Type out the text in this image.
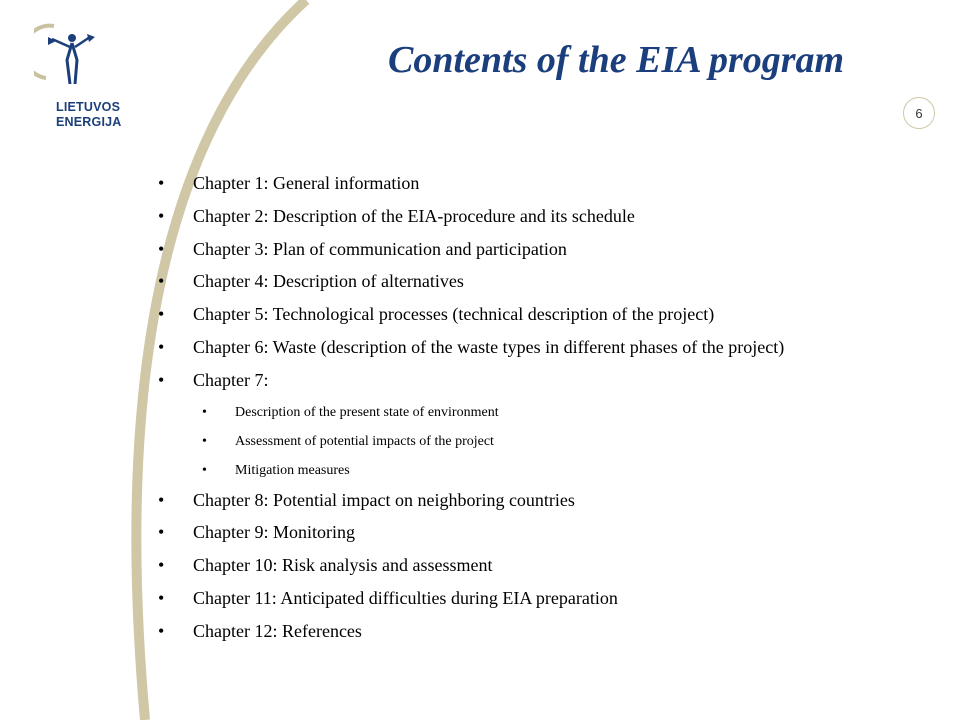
LIETUVOS
ENERGIJA
Contents of the EIA program
6
• Chapter 1: General information
• Chapter 2: Description of the EIA-procedure and its schedule
• Chapter 3: Plan of communication and participation
• Chapter 4: Description of alternatives
• Chapter 5: Technological processes (technical description of the project)
• Chapter 6: Waste (description of the waste types in different phases of the project)
• Chapter 7:
• Description of the present state of environment
• Assessment of potential impacts of the project
• Mitigation measures
• Chapter 8: Potential impact on neighboring countries
• Chapter 9: Monitoring
• Chapter 10: Risk analysis and assessment
• Chapter 11: Anticipated difficulties during EIA preparation
• Chapter 12: References
